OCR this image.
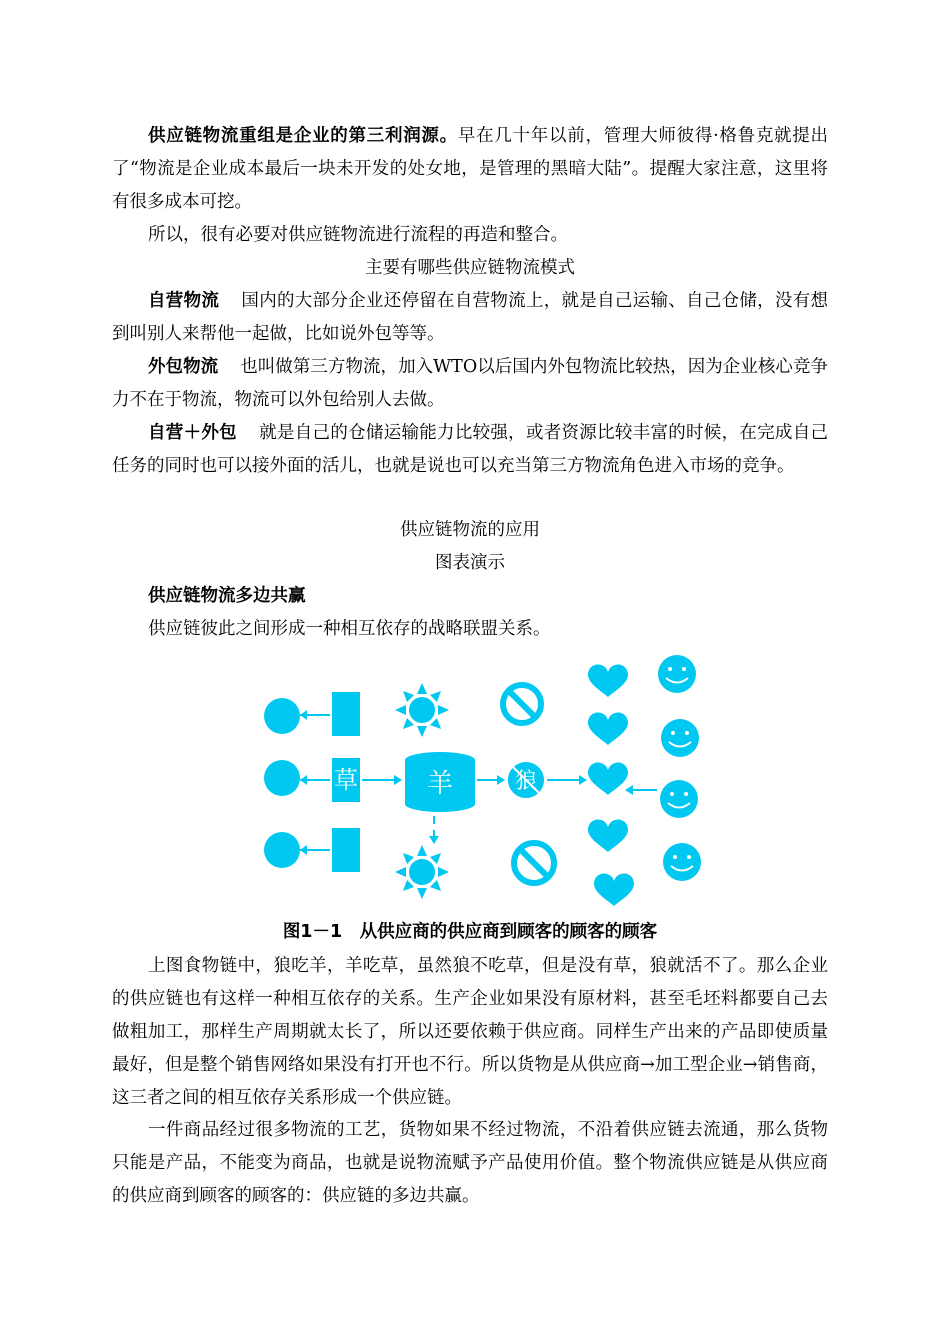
供应链物流重组是企业的第三利润源。早在几十年以前，管理大师彼得·格鲁克就提出了“物流是企业成本最后一块未开发的处女地，是管理的黑暗大陆”。提醒大家注意，这里将有很多成本可挖。

所以，很有必要对供应链物流进行流程的再造和整合。

主要有哪些供应链物流模式

自营物流 国内的大部分企业还停留在自营物流上，就是自己运输、自己仓储，没有想到叫别人来帮他一起做，比如说外包等等。

外包物流 也叫做第三方物流，加入WTO以后国内外包物流比较热，因为企业核心竞争力不在于物流，物流可以外包给别人去做。

自营＋外包 就是自己的仓储运输能力比较强，或者资源比较丰富的时候，在完成自己任务的同时也可以接外面的活儿，也就是说也可以充当第三方物流角色进入市场的竞争。

供应链物流的应用

图表演示

供应链物流多边共赢

供应链彼此之间形成一种相互依存的战略联盟关系。

草	羊	狼

图1－1　从供应商的供应商到顾客的顾客的顾客

上图食物链中，狼吃羊，羊吃草，虽然狼不吃草，但是没有草，狼就活不了。那么企业的供应链也有这样一种相互依存的关系。生产企业如果没有原材料，甚至毛坯料都要自己去做粗加工，那样生产周期就太长了，所以还要依赖于供应商。同样生产出来的产品即使质量最好，但是整个销售网络如果没有打开也不行。所以货物是从供应商→加工型企业→销售商，这三者之间的相互依存关系形成一个供应链。

一件商品经过很多物流的工艺，货物如果不经过物流，不沿着供应链去流通，那么货物只能是产品，不能变为商品，也就是说物流赋予产品使用价值。整个物流供应链是从供应商的供应商到顾客的顾客的：供应链的多边共赢。
